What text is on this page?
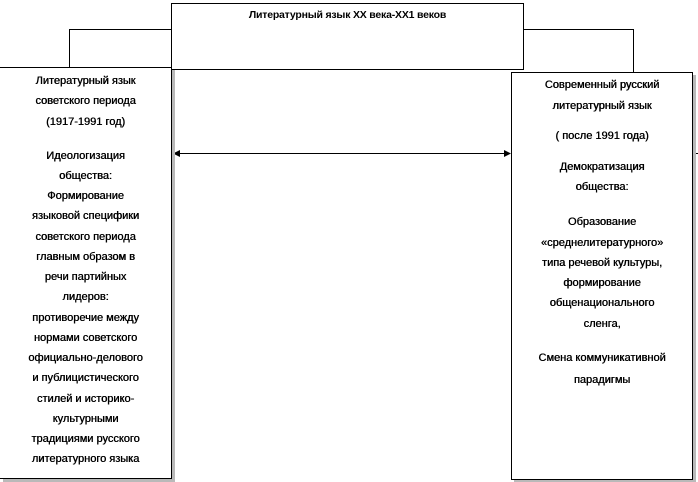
Литературный язык XX века-XX1 веков
Литературный язык
советского периода
(1917-1991 год)
Идеологизация
общества:
Формирование
языковой специфики
советского периода
главным образом в
речи партийных
лидеров:
противоречие между
нормами советского
официально-делового
и публицистического
стилей и историко-
культурными
традициями русского
литературного языка
Современный русский
литературный язык
( после 1991 года)
Демократизация
общества:
Образование
«среднелитературного»
типа речевой культуры,
формирование
общенационального
сленга,
Смена коммуникативной
парадигмы
